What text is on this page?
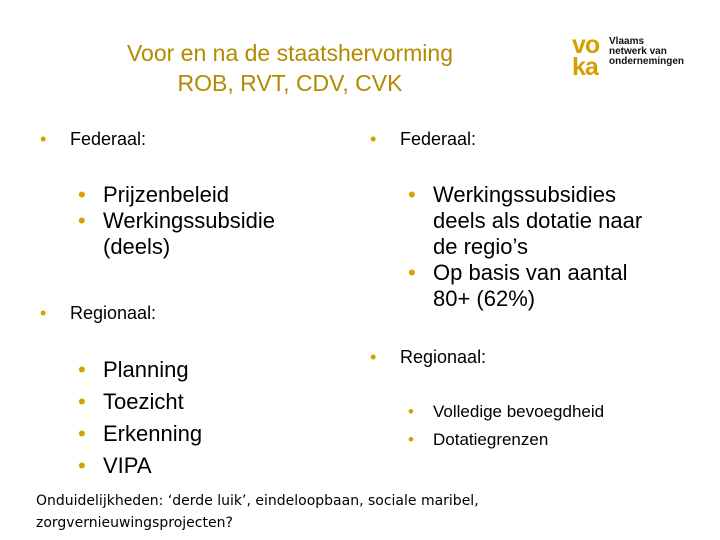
Voor en na de staatshervorming
ROB, RVT, CDV, CVK
vo
ka
Vlaams
netwerk van
ondernemingen
• Federaal:
• Prijzenbeleid
• Werkingssubsidie (deels)
• Regionaal:
• Planning
• Toezicht
• Erkenning
• VIPA
• Federaal:
• Werkingssubsidies deels als dotatie naar de regio’s
• Op basis van aantal 80+ (62%)
• Regionaal:
• Volledige bevoegdheid
• Dotatiegrenzen
Onduidelijkheden: ‘derde luik’, eindeloopbaan, sociale maribel, zorgvernieuwingsprojecten?
